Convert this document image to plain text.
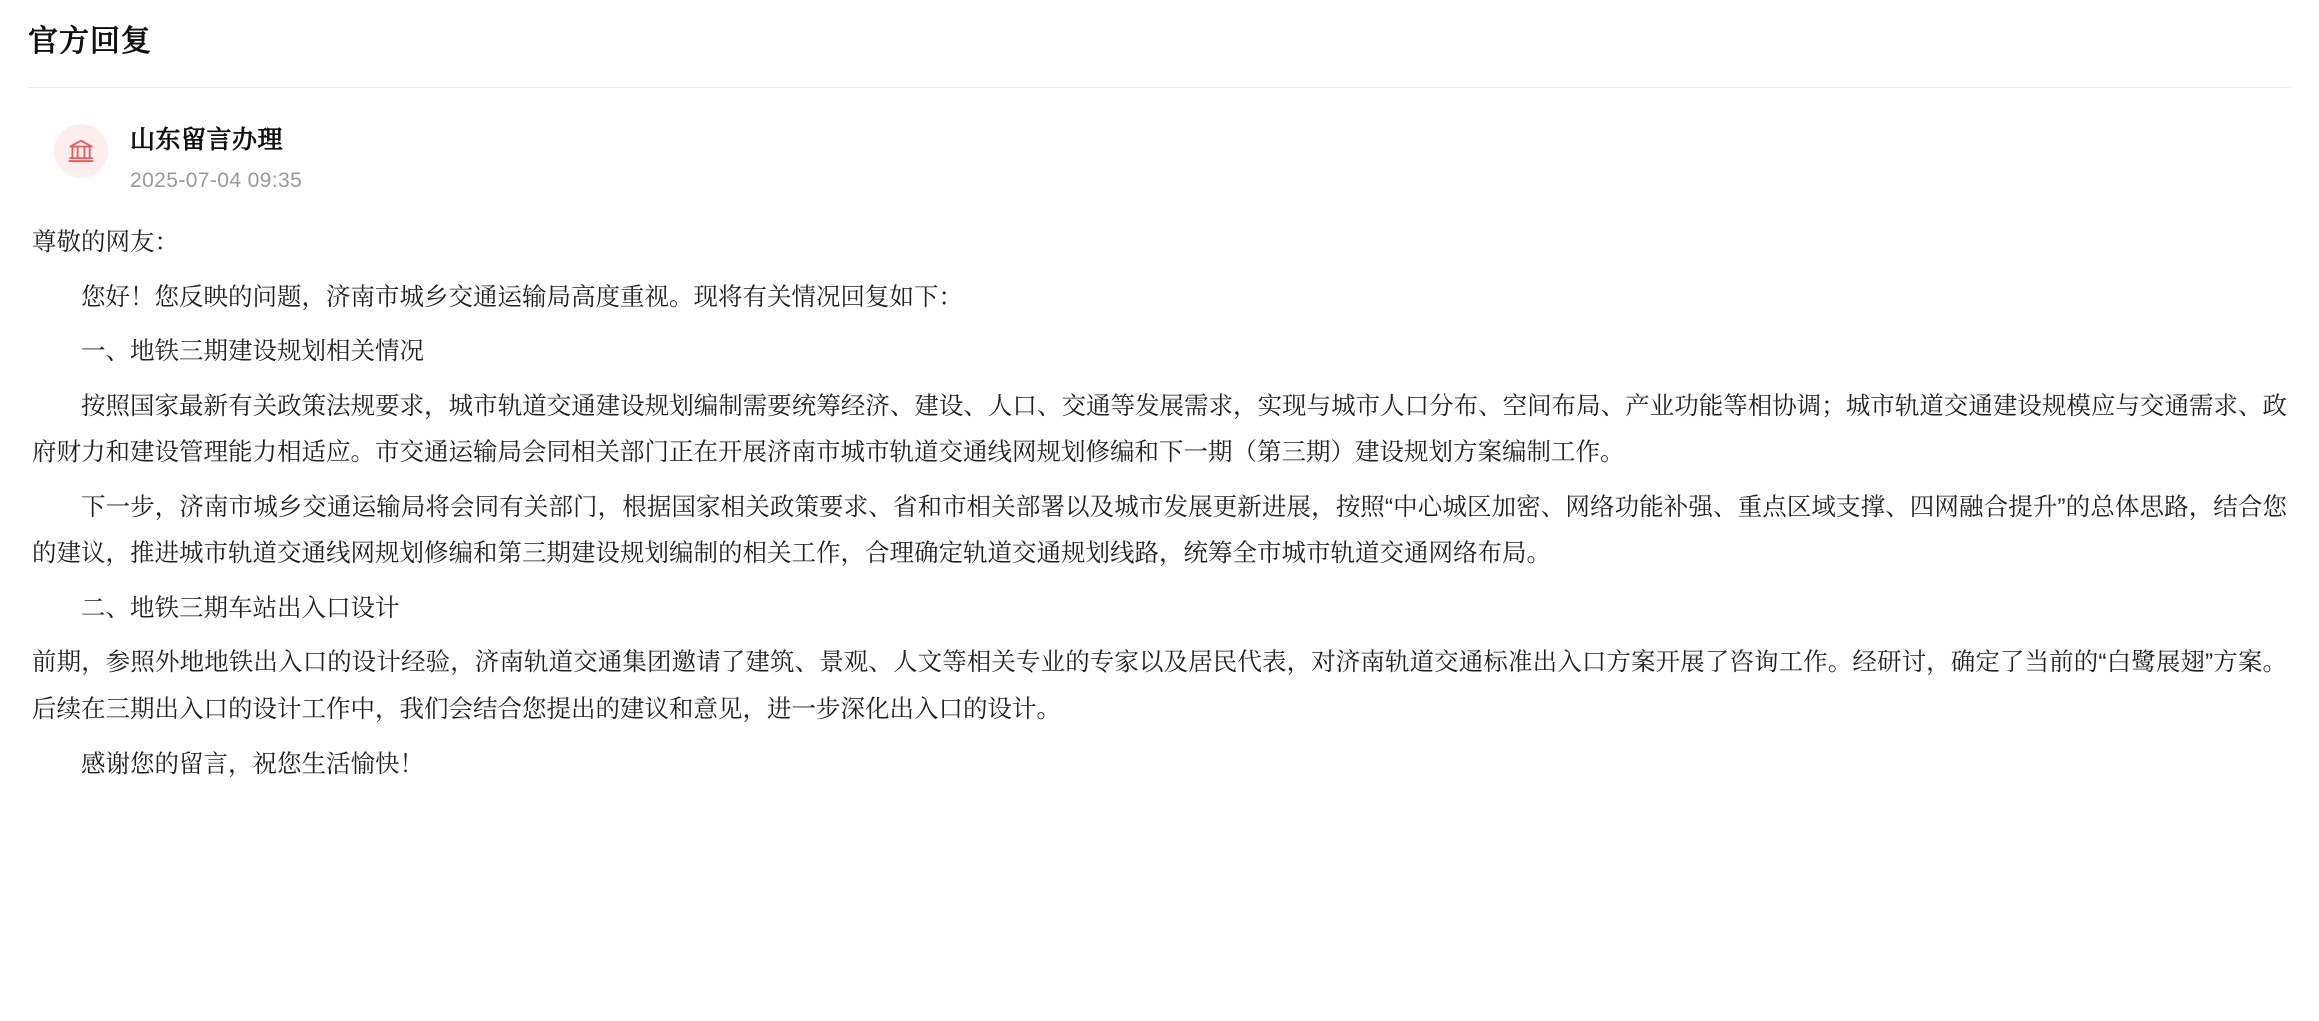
官方回复
山东留言办理
2025-07-04 09:35

尊敬的网友：

您好！您反映的问题，济南市城乡交通运输局高度重视。现将有关情况回复如下：

一、地铁三期建设规划相关情况

按照国家最新有关政策法规要求，城市轨道交通建设规划编制需要统筹经济、建设、人口、交通等发展需求，实现与城市人口分布、空间布局、产业功能等相协调；城市轨道交通建设规模应与交通需求、政府财力和建设管理能力相适应。市交通运输局会同相关部门正在开展济南市城市轨道交通线网规划修编和下一期（第三期）建设规划方案编制工作。

下一步，济南市城乡交通运输局将会同有关部门，根据国家相关政策要求、省和市相关部署以及城市发展更新进展，按照“中心城区加密、网络功能补强、重点区域支撑、四网融合提升”的总体思路，结合您的建议，推进城市轨道交通线网规划修编和第三期建设规划编制的相关工作，合理确定轨道交通规划线路，统筹全市城市轨道交通网络布局。

二、地铁三期车站出入口设计

前期，参照外地地铁出入口的设计经验，济南轨道交通集团邀请了建筑、景观、人文等相关专业的专家以及居民代表，对济南轨道交通标准出入口方案开展了咨询工作。经研讨，确定了当前的“白鹭展翅”方案。后续在三期出入口的设计工作中，我们会结合您提出的建议和意见，进一步深化出入口的设计。

感谢您的留言，祝您生活愉快！
